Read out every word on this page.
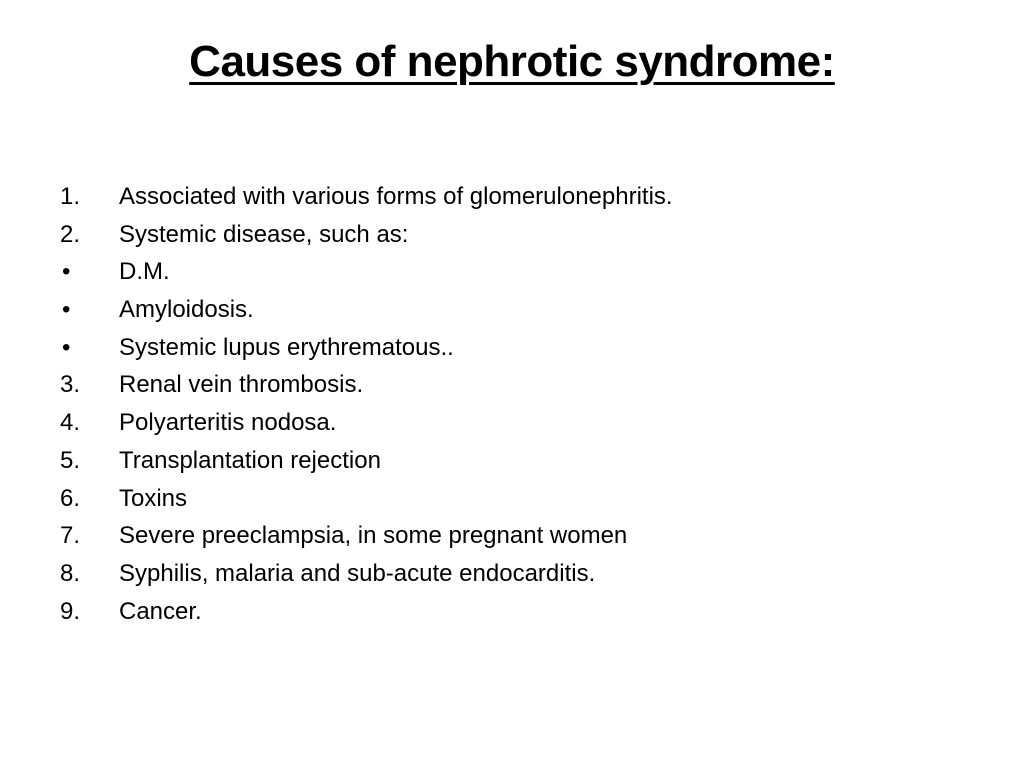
Causes of nephrotic syndrome:
1.	Associated with various forms of glomerulonephritis.
2.	Systemic disease, such as:
•	D.M.
•	Amyloidosis.
•	Systemic lupus erythrematous..
3.	Renal vein thrombosis.
4.	Polyarteritis nodosa.
5.	Transplantation rejection
6.	Toxins
7.	Severe preeclampsia, in some pregnant women
8.	Syphilis, malaria and sub-acute endocarditis.
9.	Cancer.
